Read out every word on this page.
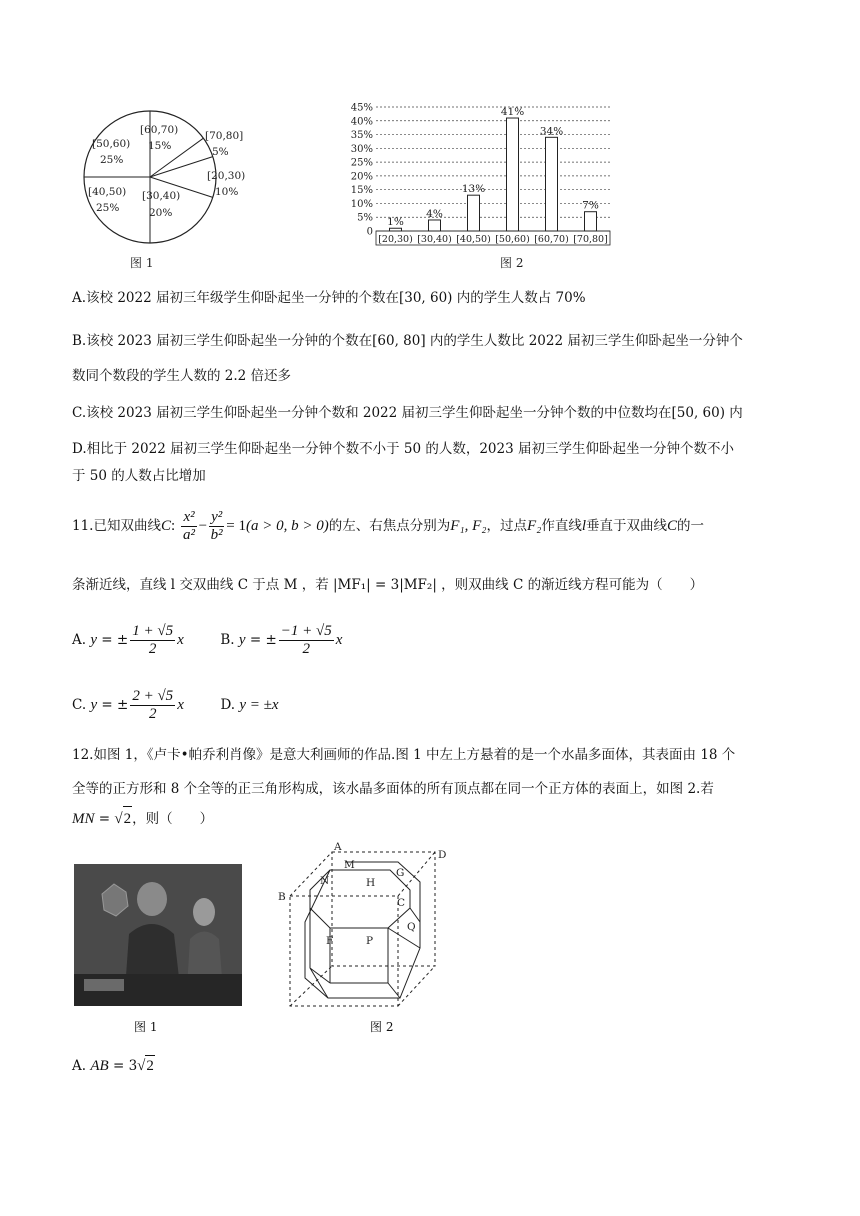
[50,60)
25%
[60,70)
15%
[70,80]
5%
[20,30)
10%
[30,40)
20%
[40,50)
25%
图 1
0
5%
10%
15%
20%
25%
30%
35%
40%
45%
1%
[20,30)
4%
[30,40)
13%
[40,50)
41%
[50,60)
34%
[60,70)
7%
[70,80]
图 2
A.该校 2022 届初三年级学生仰卧起坐一分钟的个数在[30, 60) 内的学生人数占 70%
B.该校 2023 届初三学生仰卧起坐一分钟的个数在[60, 80] 内的学生人数比 2022 届初三学生仰卧起坐一分钟个
数同个数段的学生人数的 2.2 倍还多
C.该校 2023 届初三学生仰卧起坐一分钟个数和 2022 届初三学生仰卧起坐一分钟个数的中位数均在[50, 60) 内
D.相比于 2022 届初三学生仰卧起坐一分钟个数不小于 50 的人数，2023 届初三学生仰卧起坐一分钟个数不小
于 50 的人数占比增加
11.已知双曲线C: $\frac{\text{x²}}{\text{a²}} - \frac{\text{y²}}{\text{b²}} = 1(a > 0$, b > 0)的左、右焦点分别为F₁, F₂，过点F₂作直线l垂直于双曲线C的一
条渐近线，直线 l 交双曲线 C 于点 M ，若 |MF₁| = 3|MF₂| ，则双曲线 C 的渐近线方程可能为（　　）
A. y = ± $\frac{1 + √5}{2}$ x	B. y = ± $\frac{-1 + √5}{2}$ x
C. y = ± $\frac{2 + √5}{2}$ x	D. y = ±x
12.如图 1，《卢卡•帕乔利肖像》是意大利画师的作品.图 1 中左上方悬着的是一个水晶多面体，其表面由 18 个
全等的正方形和 8 个全等的正三角形构成，该水晶多面体的所有顶点都在同一个正方体的表面上，如图 2.若
MN = √2，则（　　）
图 1
A
M
D
N	H
G
B	C
F	P
Q
图 2
A. AB = 3√2
